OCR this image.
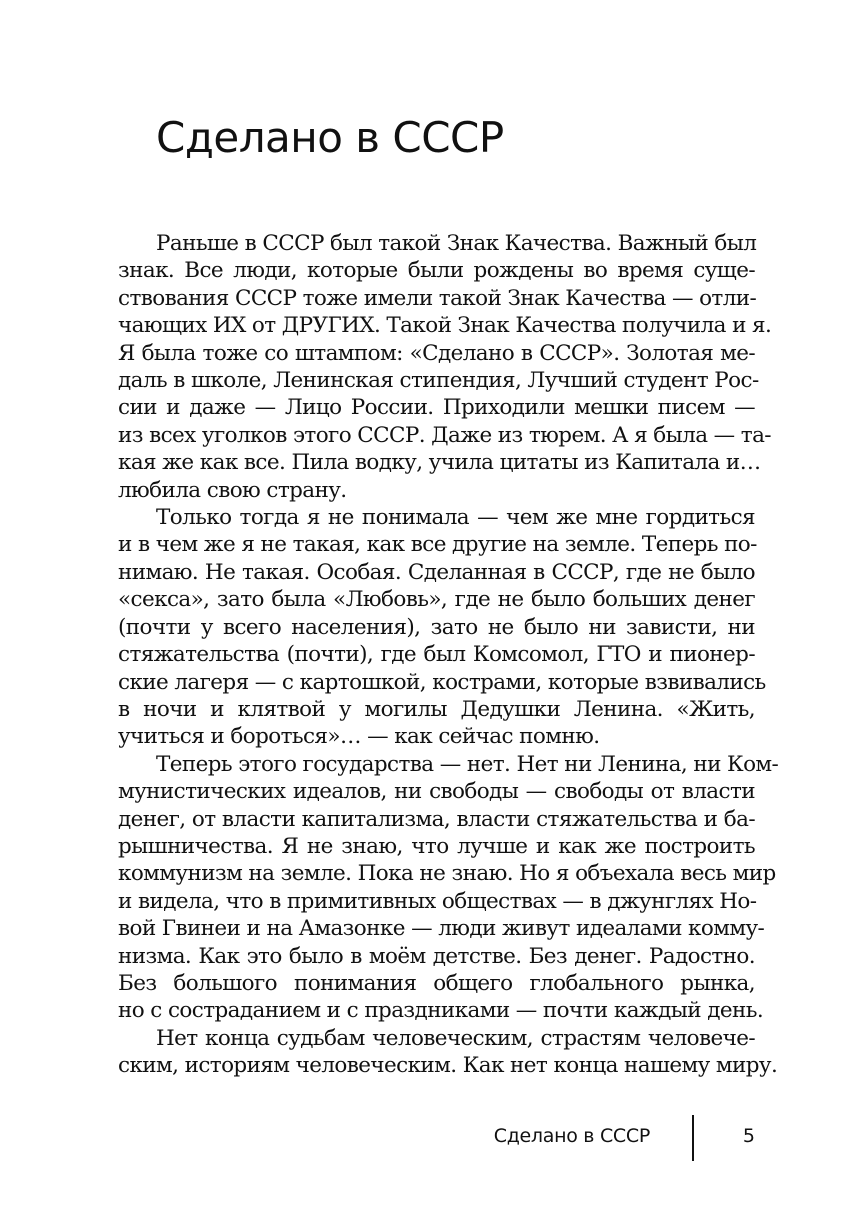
Сделано в СССР

Раньше в СССР был такой Знак Качества. Важный был
знак. Все люди, которые были рождены во время суще-
ствования СССР тоже имели такой Знак Качества — отли-
чающих ИХ от ДРУГИХ. Такой Знак Качества получила и я.
Я была тоже со штампом: «Сделано в СССР». Золотая ме-
даль в школе, Ленинская стипендия, Лучший студент Рос-
сии и даже — Лицо России. Приходили мешки писем —
из всех уголков этого СССР. Даже из тюрем. А я была — та-
кая же как все. Пила водку, учила цитаты из Капитала и…
любила свою страну.

Только тогда я не понимала — чем же мне гордиться
и в чем же я не такая, как все другие на земле. Теперь по-
нимаю. Не такая. Особая. Сделанная в СССР, где не было
«секса», зато была «Любовь», где не было больших денег
(почти у всего населения), зато не было ни зависти, ни
стяжательства (почти), где был Комсомол, ГТО и пионер-
ские лагеря — с картошкой, кострами, которые взвивались
в ночи и клятвой у могилы Дедушки Ленина. «Жить,
учиться и бороться»… — как сейчас помню.

Теперь этого государства — нет. Нет ни Ленина, ни Ком-
мунистических идеалов, ни свободы — свободы от власти
денег, от власти капитализма, власти стяжательства и ба-
рышничества. Я не знаю, что лучше и как же построить
коммунизм на земле. Пока не знаю. Но я объехала весь мир
и видела, что в примитивных обществах — в джунглях Но-
вой Гвинеи и на Амазонке — люди живут идеалами комму-
низма. Как это было в моём детстве. Без денег. Радостно.
Без большого понимания общего глобального рынка,
но с состраданием и с праздниками — почти каждый день.

Нет конца судьбам человеческим, страстям человече-
ским, историям человеческим. Как нет конца нашему миру.

Сделано в СССР	5
